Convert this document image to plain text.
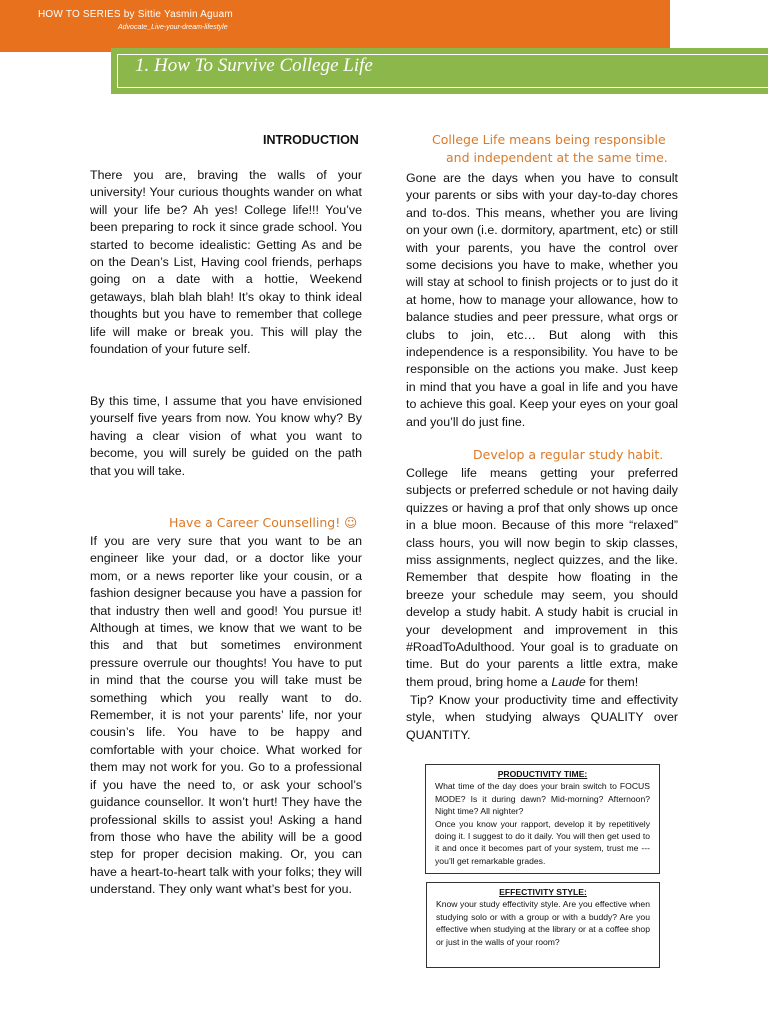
HOW TO SERIES by Sittie Yasmin Aguam
Advocate_Live-your-dream-lifestyle
1. How To Survive College Life
INTRODUCTION

There you are, braving the walls of your university! Your curious thoughts wander on what will your life be? Ah yes! College life!!! You’ve been preparing to rock it since grade school. You started to become idealistic: Getting As and be on the Dean’s List, Having cool friends, perhaps going on a date with a hottie, Weekend getaways, blah blah blah! It’s okay to think ideal thoughts but you have to remember that college life will make or break you. This will play the foundation of your future self.

By this time, I assume that you have envisioned yourself five years from now. You know why? By having a clear vision of what you want to become, you will surely be guided on the path that you will take.

Have a Career Counselling! ☺

If you are very sure that you want to be an engineer like your dad, or a doctor like your mom, or a news reporter like your cousin, or a fashion designer because you have a passion for that industry then well and good! You pursue it! Although at times, we know that we want to be this and that but sometimes environment pressure overrule our thoughts! You have to put in mind that the course you will take must be something which you really want to do. Remember, it is not your parents’ life, nor your cousin’s life. You have to be happy and comfortable with your choice. What worked for them may not work for you. Go to a professional if you have the need to, or ask your school’s guidance counsellor. It won’t hurt! They have the professional skills to assist you! Asking a hand from those who have the ability will be a good step for proper decision making. Or, you can have a heart-to-heart talk with your folks; they will understand. They only want what’s best for you.

College Life means being responsible
and independent at the same time.

Gone are the days when you have to consult your parents or sibs with your day-to-day chores and to-dos. This means, whether you are living on your own (i.e. dormitory, apartment, etc) or still with your parents, you have the control over some decisions you have to make, whether you will stay at school to finish projects or to just do it at home, how to manage your allowance, how to balance studies and peer pressure, what orgs or clubs to join, etc… But along with this independence is a responsibility. You have to be responsible on the actions you make. Just keep in mind that you have a goal in life and you have to achieve this goal. Keep your eyes on your goal and you’ll do just fine.

Develop a regular study habit.

College life means getting your preferred subjects or preferred schedule or not having daily quizzes or having a prof that only shows up once in a blue moon. Because of this more “relaxed” class hours, you will now begin to skip classes, miss assignments, neglect quizzes, and the like. Remember that despite how floating in the breeze your schedule may seem, you should develop a study habit. A study habit is crucial in your development and improvement in this #RoadToAdulthood. Your goal is to graduate on time. But do your parents a little extra, make them proud, bring home a Laude for them!

Tip? Know your productivity time and effectivity style, when studying always QUALITY over QUANTITY.

PRODUCTIVITY TIME:
What time of the day does your brain switch to FOCUS MODE? Is it during dawn? Mid-morning? Afternoon? Night time? All nighter?
Once you know your rapport, develop it by repetitively doing it. I suggest to do it daily. You will then get used to it and once it becomes part of your system, trust me --- you’ll get remarkable grades.
EFFECTIVITY STYLE:
Know your study effectivity style. Are you effective when studying solo or with a group or with a buddy? Are you effective when studying at the library or at a coffee shop or just in the walls of your room?
